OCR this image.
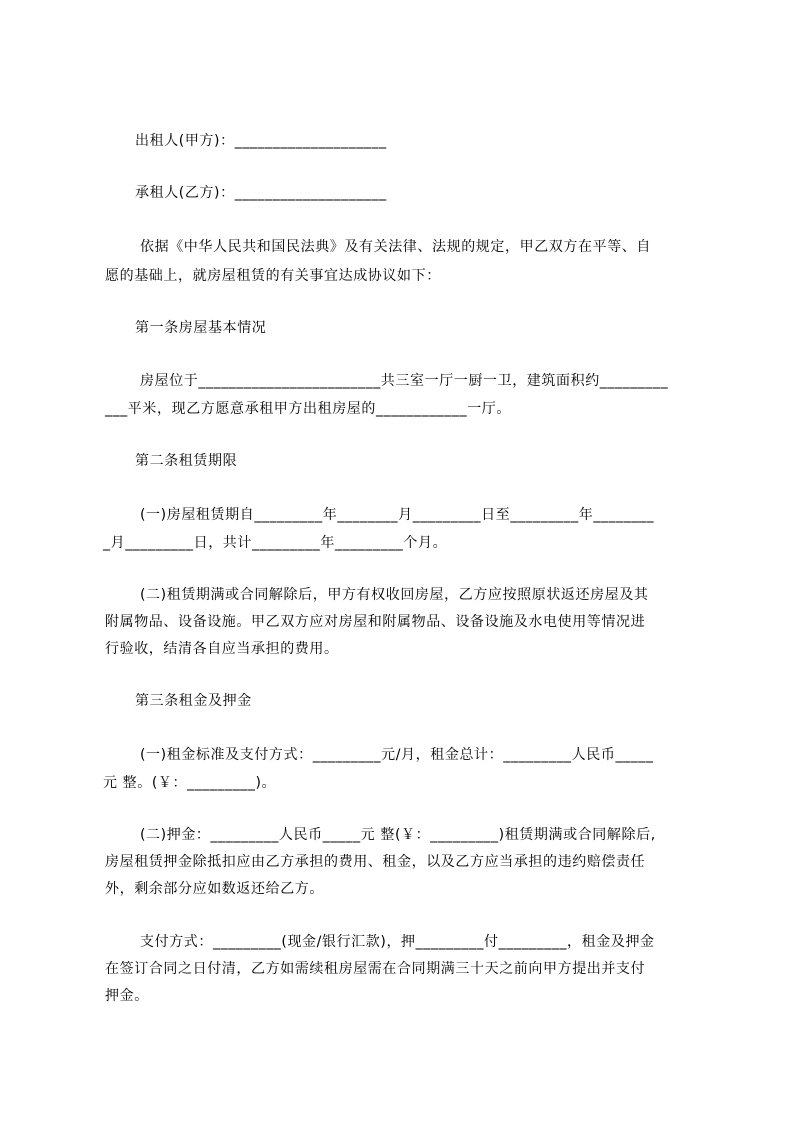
出租人(甲方)：____________________
承租人(乙方)：____________________
依据《中华人民共和国民法典》及有关法律、法规的规定，甲乙双方在平等、自
愿的基础上，就房屋租赁的有关事宜达成协议如下：
第一条房屋基本情况
房屋位于________________________共三室一厅一厨一卫，建筑面积约_________
___平米，现乙方愿意承租甲方出租房屋的____________一厅。
第二条租赁期限
(一)房屋租赁期自_________年________月_________日至_________年________
_月_________日，共计_________年_________个月。
(二)租赁期满或合同解除后，甲方有权收回房屋，乙方应按照原状返还房屋及其
附属物品、设备设施。甲乙双方应对房屋和附属物品、设备设施及水电使用等情况进
行验收，结清各自应当承担的费用。
第三条租金及押金
(一)租金标准及支付方式：_________元/月，租金总计：_________人民币_____
元 整。(￥：_________)。
(二)押金：_________人民币_____元 整(￥：_________)租赁期满或合同解除后,
房屋租赁押金除抵扣应由乙方承担的费用、租金，以及乙方应当承担的违约赔偿责任
外，剩余部分应如数返还给乙方。
支付方式：_________(现金/银行汇款)，押_________付_________，租金及押金
在签订合同之日付清，乙方如需续租房屋需在合同期满三十天之前向甲方提出并支付
押金。
